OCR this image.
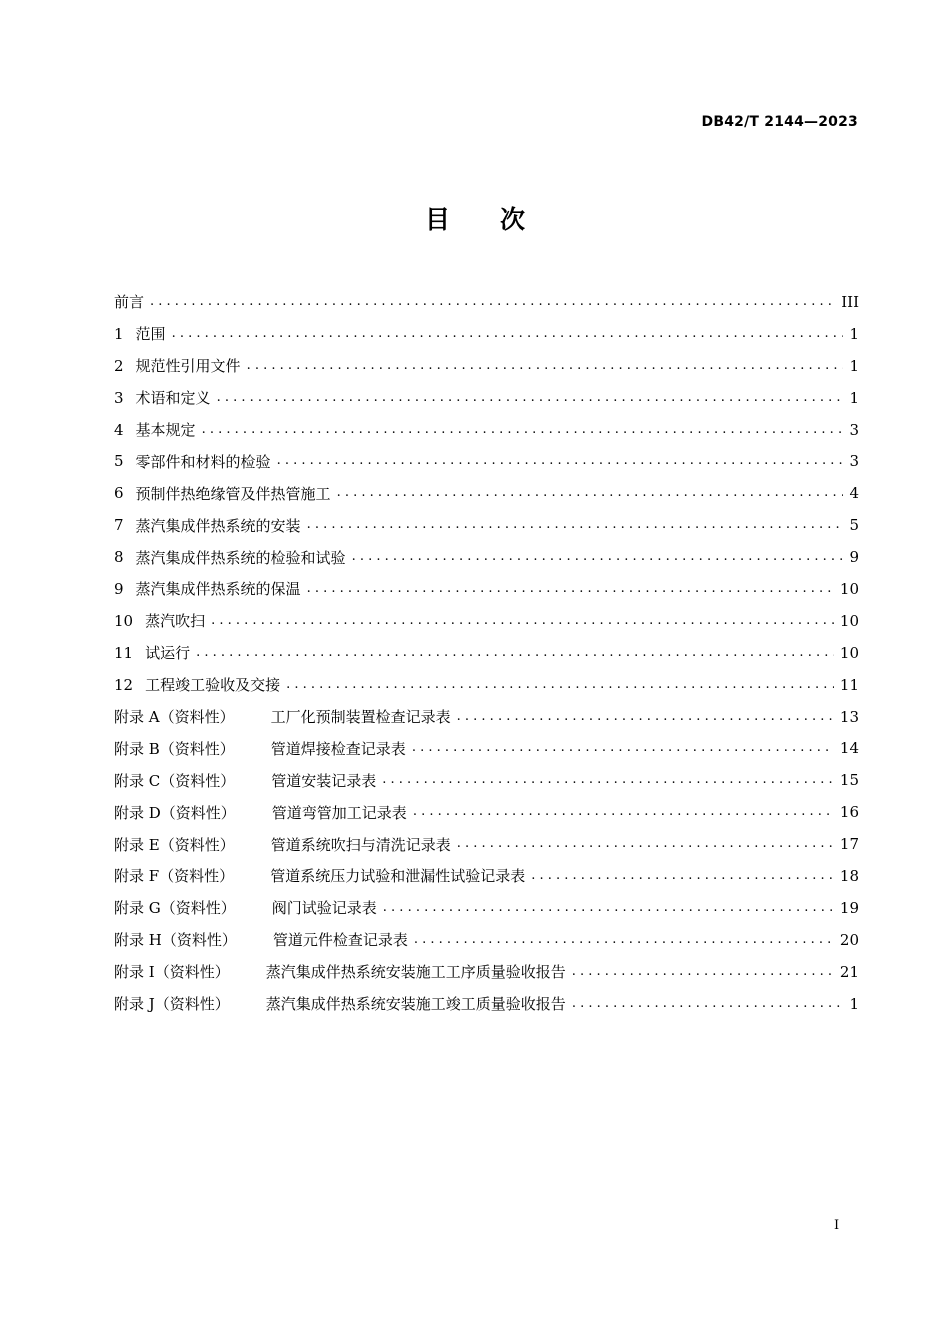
DB42/T 2144—2023
目次
前言 . . .	III
1 范围 . . .	1
2 规范性引用文件 . . .	1
3 术语和定义 . . .	1
4 基本规定 . . .	3
5 零部件和材料的检验 . . .	3
6 预制伴热绝缘管及伴热管施工 . . .	4
7 蒸汽集成伴热系统的安装 . . .	5
8 蒸汽集成伴热系统的检验和试验 . . .	9
9 蒸汽集成伴热系统的保温 . . .	10
10 蒸汽吹扫 . . .	10
11 试运行 . . .	10
12 工程竣工验收及交接 . . .	11
附录 A（资料性）	工厂化预制装置检查记录表 . . .	13
附录 B（资料性）	管道焊接检查记录表 . . .	14
附录 C（资料性）	管道安装记录表 . . .	15
附录 D（资料性）	管道弯管加工记录表 . . .	16
附录 E（资料性）	管道系统吹扫与清洗记录表 . . .	17
附录 F（资料性）	管道系统压力试验和泄漏性试验记录表 . . .	18
附录 G（资料性）	阀门试验记录表 . . .	19
附录 H（资料性）	管道元件检查记录表 . . .	20
附录 I（资料性）	蒸汽集成伴热系统安装施工工序质量验收报告 . . .	21
附录 J（资料性）	蒸汽集成伴热系统安装施工竣工质量验收报告 . . .	1
I
